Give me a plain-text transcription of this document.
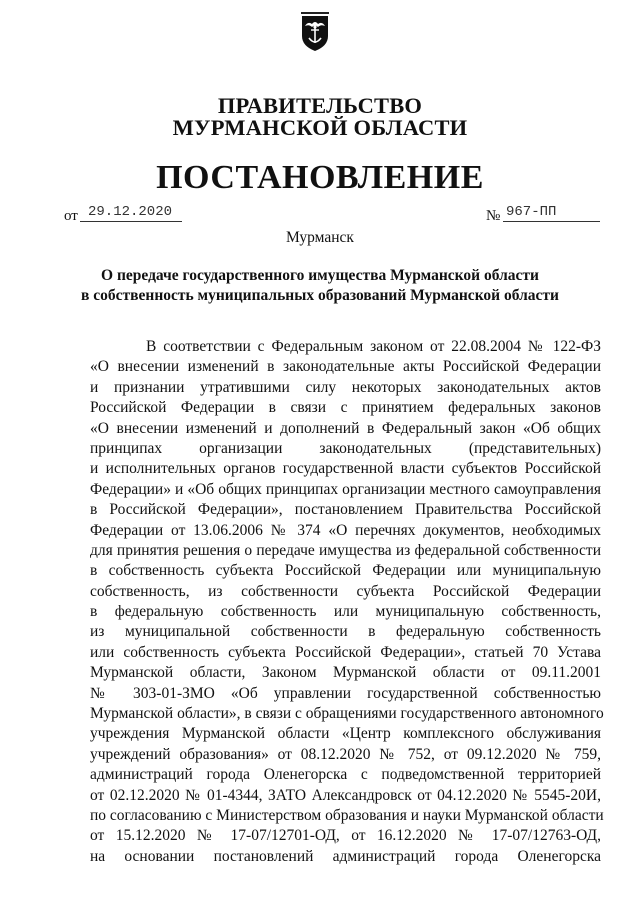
ПРАВИТЕЛЬСТВО
МУРМАНСКОЙ ОБЛАСТИ
ПОСТАНОВЛЕНИЕ
от 29.12.2020	№ 967-ПП
Мурманск
О передаче государственного имущества Мурманской области
в собственность муниципальных образований Мурманской области
В соответствии с Федеральным законом от 22.08.2004 № 122-ФЗ
«О внесении изменений в законодательные акты Российской Федерации
и признании утратившими силу некоторых законодательных актов
Российской Федерации в связи с принятием федеральных законов
«О внесении изменений и дополнений в Федеральный закон «Об общих
принципах организации законодательных (представительных)
и исполнительных органов государственной власти субъектов Российской
Федерации» и «Об общих принципах организации местного самоуправления
в Российской Федерации», постановлением Правительства Российской
Федерации от 13.06.2006 № 374 «О перечнях документов, необходимых
для принятия решения о передаче имущества из федеральной собственности
в собственность субъекта Российской Федерации или муниципальную
собственность, из собственности субъекта Российской Федерации
в федеральную собственность или муниципальную собственность,
из муниципальной собственности в федеральную собственность
или собственность субъекта Российской Федерации», статьей 70 Устава
Мурманской области, Законом Мурманской области от 09.11.2001
№ 303-01-ЗМО «Об управлении государственной собственностью
Мурманской области», в связи с обращениями государственного автономного
учреждения Мурманской области «Центр комплексного обслуживания
учреждений образования» от 08.12.2020 № 752, от 09.12.2020 № 759,
администраций города Оленегорска с подведомственной территорией
от 02.12.2020 № 01-4344, ЗАТО Александровск от 04.12.2020 № 5545-20И,
по согласованию с Министерством образования и науки Мурманской области
от 15.12.2020 № 17-07/12701-ОД, от 16.12.2020 № 17-07/12763-ОД,
на основании постановлений администраций города Оленегорска
